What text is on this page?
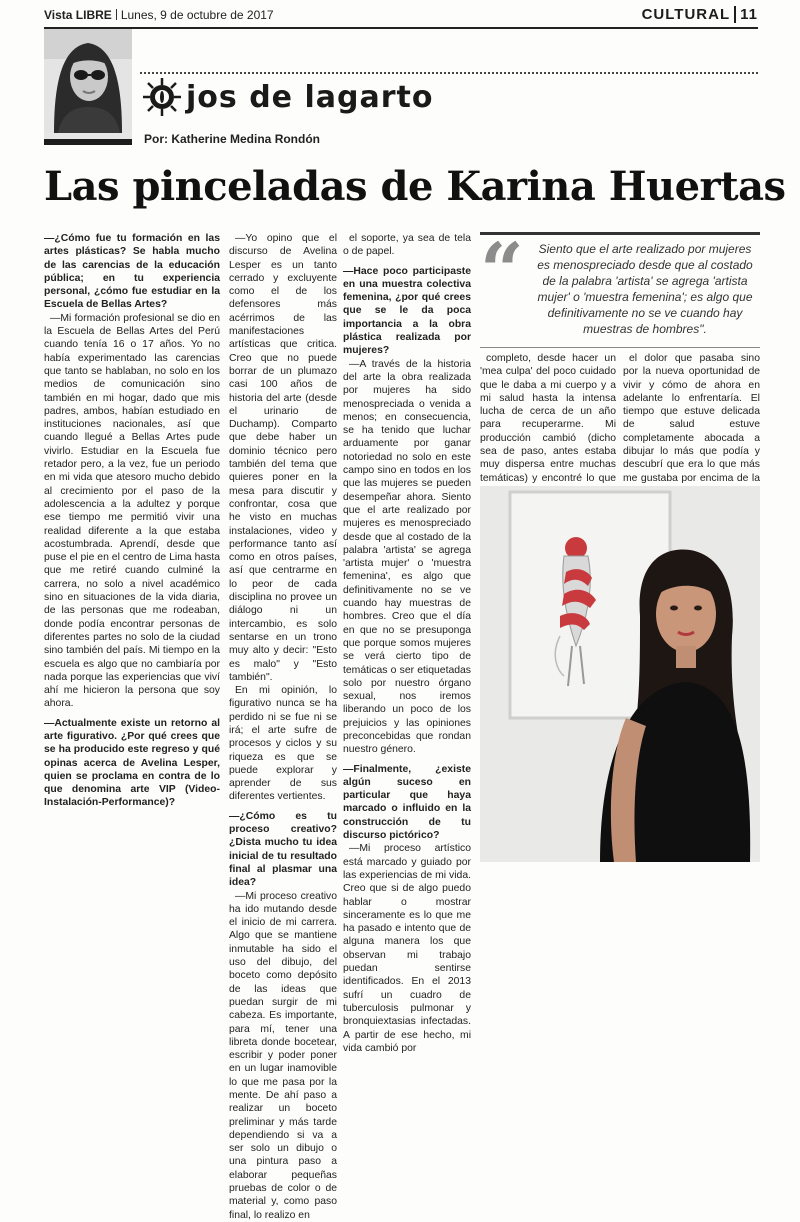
Vista LIBRE Lunes, 9 de octubre de 2017	CULTURAL 11
jos de lagarto
Por: Katherine Medina Rondón
Las pinceladas de Karina Huertas

—¿Cómo fue tu formación en las artes plásticas? Se habla mucho de las carencias de la educación pública; en tu experiencia personal, ¿cómo fue estudiar en la Escuela de Bellas Artes?

—Mi formación profesional se dio en la Escuela de Bellas Artes del Perú cuando tenía 16 o 17 años. Yo no había experimentado las carencias que tanto se hablaban, no solo en los medios de comunicación sino también en mi hogar, dado que mis padres, ambos, habían estudiado en instituciones nacionales, así que cuando llegué a Bellas Artes pude vivirlo. Estudiar en la Escuela fue retador pero, a la vez, fue un periodo en mi vida que atesoro mucho debido al crecimiento por el paso de la adolescencia a la adultez y porque ese tiempo me permitió vivir una realidad diferente a la que estaba acostumbrada. Aprendí, desde que puse el pie en el centro de Lima hasta que me retiré cuando culminé la carrera, no solo a nivel académico sino en situaciones de la vida diaria, de las personas que me rodeaban, donde podía encontrar personas de diferentes partes no solo de la ciudad sino también del país. Mi tiempo en la escuela es algo que no cambiaría por nada porque las experiencias que viví ahí me hicieron la persona que soy ahora.

—Actualmente existe un retorno al arte figurativo. ¿Por qué crees que se ha producido este regreso y qué opinas acerca de Avelina Lesper, quien se proclama en contra de lo que denomina arte VIP (Video-Instalación-Performance)?

—Yo opino que el discurso de Avelina Lesper es un tanto cerrado y excluyente como el de los defensores más acérrimos de las manifestaciones artísticas que critica. Creo que no puede borrar de un plumazo casi 100 años de historia del arte (desde el urinario de Duchamp). Comparto que debe haber un dominio técnico pero también del tema que quieres poner en la mesa para discutir y confrontar, cosa que he visto en muchas instalaciones, video y performance tanto así como en otros países, así que centrarme en lo peor de cada disciplina no provee un diálogo ni un intercambio, es solo sentarse en un trono muy alto y decir: "Esto es malo" y "Esto también".

En mi opinión, lo figurativo nunca se ha perdido ni se fue ni se irá; el arte sufre de procesos y ciclos y su riqueza es que se puede explorar y aprender de sus diferentes vertientes.

—¿Cómo es tu proceso creativo? ¿Dista mucho tu idea inicial de tu resultado final al plasmar una idea?

—Mi proceso creativo ha ido mutando desde el inicio de mi carrera. Algo que se mantiene inmutable ha sido el uso del dibujo, del boceto como depósito de las ideas que puedan surgir de mi cabeza. Es importante, para mí, tener una libreta donde bocetear, escribir y poder poner en un lugar inamovible lo que me pasa por la mente. De ahí paso a realizar un boceto preliminar y más tarde dependiendo si va a ser solo un dibujo o una pintura paso a elaborar pequeñas pruebas de color o de material y, como paso final, lo realizo en

el soporte, ya sea de tela o de papel.

—Hace poco participaste en una muestra colectiva femenina, ¿por qué crees que se le da poca importancia a la obra plástica realizada por mujeres?

—A través de la historia del arte la obra realizada por mujeres ha sido menospreciada o venida a menos; en consecuencia, se ha tenido que luchar arduamente por ganar notoriedad no solo en este campo sino en todos en los que las mujeres se pueden desempeñar ahora. Siento que el arte realizado por mujeres es menospreciado desde que al costado de la palabra 'artista' se agrega 'artista mujer' o 'muestra femenina', es algo que definitivamente no se ve cuando hay muestras de hombres. Creo que el día en que no se presuponga que porque somos mujeres se verá cierto tipo de temáticas o ser etiquetadas solo por nuestro órgano sexual, nos iremos liberando un poco de los prejuicios y las opiniones preconcebidas que rondan nuestro género.

—Finalmente, ¿existe algún suceso en particular que haya marcado o influido en la construcción de tu discurso pictórico?

—Mi proceso artístico está marcado y guiado por las experiencias de mi vida. Creo que si de algo puedo hablar o mostrar sinceramente es lo que me ha pasado e intento que de alguna manera los que observan mi trabajo puedan sentirse identificados. En el 2013 sufrí un cuadro de tuberculosis pulmonar y bronquiextasias infectadas. A partir de ese hecho, mi vida cambió por

“	Siento que el arte realizado por mujeres es menospreciado desde que al costado de la palabra 'artista' se agrega 'artista mujer' o 'muestra femenina'; es algo que definitivamente no se ve cuando hay muestras de hombres".

completo, desde hacer un 'mea culpa' del poco cuidado que le daba a mi cuerpo y a mi salud hasta la intensa lucha de cerca de un año para recuperarme. Mi producción cambió (dicho sea de paso, antes estaba muy dispersa entre muchas temáticas) y encontré lo que

el dolor que pasaba sino por la nueva oportunidad de vivir y cómo de ahora en adelante lo enfrentaría. El tiempo que estuve delicada de salud estuve completamente abocada a dibujar lo más que podía y descubrí que era lo que más me gustaba por encima de la
